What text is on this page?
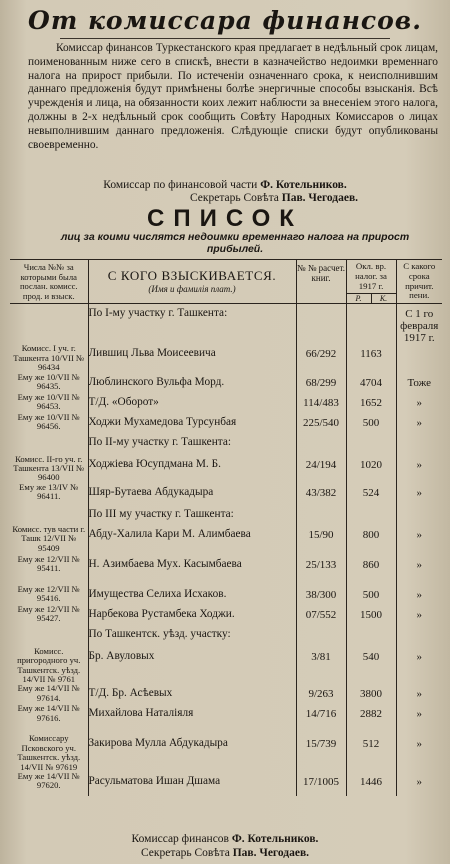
От комиссара финансов.
Комиссар финансов Туркестанского края предлагает в недѣльный срок лицам, поименованным ниже сего в спискѣ, внести в казначейство недоимки временнаго налога на прирост прибыли. По истеченіи означеннаго срока, к неисполнившим даннаго предложенія будут примѣнены болѣе энергичные способы взысканія. Всѣ учрежденія и лица, на обязанности коих лежит наблюсти за внесеніем этого налога, должны в 2-х недѣльный срок сообщить Совѣту Народных Комиссаров о лицах невыполнившим даннаго предложенія. Слѣдующіе списки будут опубликованы своевременно.
Комиссар по финансовой части Ф. Котельников.
Секретарь Совѣта Пав. Чегодаев.
СПИСОК
лиц за коими числятся недоимки временнаго налога на прирост прибылей.
Числа №№ за которыми была послан. комисс. прод. и взыск.	С КОГО ВЗЫСКИВАЕТСЯ.
(Имя и фамилія плат.)	№ № расчет. книг.	Окл. вр. налог. за 1917 г.
Р. К.	С какого срока причит. пени.

	По I-му участку г. Ташкента:			С 1 го февраля 1917 г.
Комисс. I уч. г. Ташкента 10/VII № 96434	Лившиц Льва Моисеевича	66/292	1163	
Ему же 10/VII № 96435.	Люблинского Вульфа Морд.	68/299	4704	Тоже
Ему же 10/VII № 96453.	Т/Д. «Оборот»	114/483	1652	»
Ему же 10/VII № 96456.	Ходжи Мухамедова Турсунбая	225/540	500	»
	По II-му участку г. Ташкента:			
Комисс. II-го уч. г. Ташкента 13/VII № 96400	Ходжіева Юсупдмана М. Б.	24/194	1020	»
Ему же 13/IV № 96411.	Шяр-Бутаева Абдукадыра	43/382	524	»
	По III му участку г. Ташкента:			
Комисс. тув части г. Ташк 12/VII № 95409	Абду-Халила Кари М. Алимбаева	15/90	800	»
Ему же 12/VII № 95411.	Н. Азимбаева Мух. Касымбаева	25/133	860	»
Ему же 12/VII № 95416.	Имущества Селиха Исхаков.	38/300	500	»
Ему же 12/VII № 95427.	Нарбекова Рустамбека Ходжи.	07/552	1500	»
	По Ташкентск. уѣзд. участку:			
Комисс. пригородного уч. Ташкентск. уѣзд. 14/VII № 9761	Бр. Авуловых	3/81	540	»
Ему же 14/VII № 97614.	Т/Д. Бр. Асѣевых	9/263	3800	»
Ему же 14/VII № 97616.	Михайлова Наталіяля	14/716	2882	»
Комиссару Псковского уч. Ташкентск. уѣзд. 14/VII № 97619	Закирова Мулла Абдукадыра	15/739	512	»
Ему же 14/VII № 97620.	Расульматова Ишан Дшама	17/1005	1446	»
Комиссар финансов Ф. Котельников.
Секретарь Совѣта Пав. Чегодаев.
